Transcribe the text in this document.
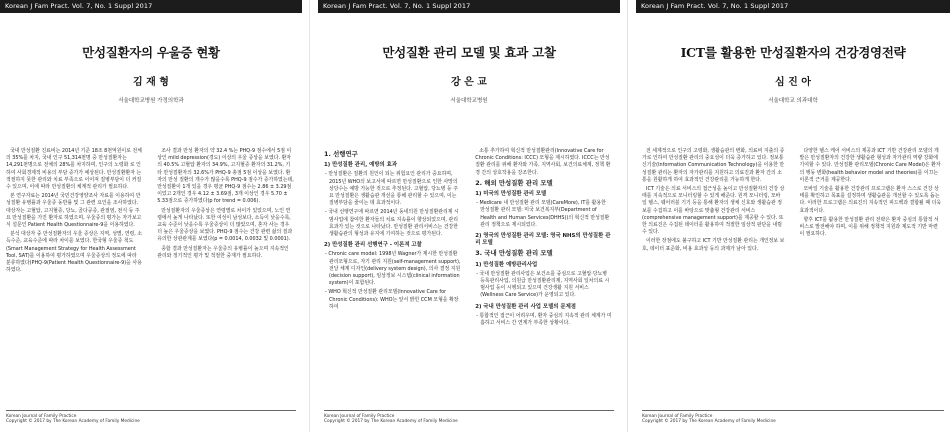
Korean J Fam Pract. Vol. 7, No. 1 Suppl 2017
만성질환자의 우울증 현황
김 재 형
서울대학교병원 가정의학과

국내 만성질환 진료비는 2014년 기준 18조 8천억원이로 전체의 35%를 차지, 국내 인구 51,314천명 중 만성질환자는 14,291천명으로 전체의 28%를 차지하며, 인구의 노령화 로 인하여 사회경제적 비용의 부담 증가가 예상된다. 만성질환환자 는 적절하지 못한 관리와 치료 부족으로 이어져 질병부담이 더 커질 수 있으며, 이에 따라 만성질환의 체계적 관리가 필요하다.

본 연구자료는 2014년 국민건강영양조사 자료를 이용하여 만성질환 유병률과 우울증 동반률 및 그 관련 요인을 조사하였다. 대상자는 고혈압, 고지혈증, 당뇨, 골다공증, 관절염, 천식 등 주요 만성질환을 가진 환자로 하였으며, 우울증의 평가는 자가보고식 설문인 Patient Health Questionnaire-9을 이용하였다.

분석 대상자 중 만성질환자의 우울 증상은 지역, 성별, 연령, 소득수준, 교육수준에 따라 차이를 보였다. 한국형 우울증 척도(Smart Management Strategy for Health Assessment Tool, SAT)를 이용하여 평가하였으며 우울증상의 정도에 따라 분류하였다(PHQ-9(Patient Health Questionnaire-9)을 사용하였다.

조사 결과 만성 환자의 약 32.4 %는 PHQ-9 점수에서 5점 이상인 mild depression(경도) 이상의 우울 증상을 보였다. 환자의 40.5% 고혈압 환자의 34.9%, 고지혈증 환자의 31.2%, 기타 만성질환자의 32.6%가 PHQ-9 총점 5점 이상을 보였다. 환자의 만성 질환의 개수가 많을수록 PHQ-9 점수가 증가하였는데, 만성질환이 1개 있을 경우 평균 PHQ-9 점수는 2.86 ± 3.29점이었고 2개인 경우 4.12 ± 3.69점, 3개 이상인 경우 5.70 ± 5.33점으로 증가하였다(p for trend = 0.006).

만성질환자의 우울증상은 연령별로 차이가 있었으며, 노인 연령에서 높게 나타났다. 또한 여성이 남성보다, 소득이 낮을수록, 교육 수준이 낮을수록 우울증상이 더 많았으며, 혼자 사는 경우 더 높은 우울증상을 보였다. PHQ-9 점수는 건강 관련 삶의 질과 유의한 상관관계를 보였다(p = 0.0014, 0.0032 및 0.0001).

종합 결과 만성질환자는 우울증의 유병률이 높으며 지속적인 관리와 정기적인 평가 및 적절한 중재가 필요하다.

Korean Journal of Family Practice
Copyright © 2017 by The Korean Academy of Family Medicine
Korean J Fam Pract. Vol. 7, No. 1 Suppl 2017
만성질환 관리 모델 및 효과 고찰
강 은 교
서울대학교병원
1. 선행연구
1) 만성질환 관리, 예방의 효과
- 만성질환은 질환의 원인이 되는 위험요인 관리가 중요하며, 2015년 WHO의 보고서에 따르면 만성질환으로 인한 사망의 상당수는 예방 가능한 것으로 추정된다. 고혈압, 당뇨병 등 주요 만성질환은 생활습관 개선을 통해 관리할 수 있으며, 이는 질병부담을 줄이는 데 효과적이다.
- 국내 선행연구에 따르면 2014년 동네의원 만성질환관리제 시범사업에 참여한 환자들의 치료 지속률이 향상되었으며, 관리 효과가 있는 것으로 나타났다. 만성질환 관리서비스는 건강한 생활습관의 형성과 유지에 기여하는 것으로 평가된다.
2) 만성질환 관리 선행연구 - 이론적 고찰
- Chronic care model: 1998년 Wagner가 제시한 만성질환관리모형으로, 자기 관리 지원(self-management support), 전달 체계 디자인(delivery system design), 의사 결정 지원(decision support), 임상정보 시스템(clinical information system)이 포함된다.
- WHO 혁신적 만성질환 관리모델(Innovative Care for Chronic Conditions): WHO는 앞서 밝힌 CCM 모형을 확장하여

소통 추가하여 혁신적 만성질환관리(Innovative Care for Chronic Conditions: ICCC) 모형을 제시하였다. ICCC는 만성질환 관리를 위해 환자와 가족, 지역사회, 보건의료체계, 정책 환경 간의 상호작용을 강조한다.

2. 해외 만성질환 관리 모델
1) 미국의 만성질환 관리 모델
- Medicare 내 만성질환 관리 모델(CareMore), IT를 활용한 만성질환 관리 모델: 미국 보건복지부(Department of Health and Human Services(DHHS))의 혁신적 만성질환 관리 정책으로 제시되었다.
2) 영국의 만성질환 관리 모델: 영국 NHS의 만성질환 관리 모델
3. 국내 만성질환 관리 모델
1) 만성질환 예방관리사업
- 국내 만성질환 관리사업은 보건소를 중심으로 고혈압·당뇨병 등록관리사업, 의원급 만성질환관리제, 지역사회 일차의료 시범사업 등이 시행되고 있으며 건강생활 지원 서비스(Wellness Care Service)가 운영되고 있다.
2) 국내 만성질환 관리 사업 모델의 문제점
- 통합적인 접근이 어려우며, 환자 중심의 지속적 관리 체계가 미흡하고 서비스 간 연계가 부족한 상황이다.
Korean Journal of Family Practice
Copyright © 2017 by The Korean Academy of Family Medicine
Korean J Fam Pract. Vol. 7, No. 1 Suppl 2017
ICT를 활용한 만성질환자의 건강경영전략
심 진 아
서울대학교 의과대학

전 세계적으로 인구의 고령화, 생활습관의 변화, 의료비 지출의 증가로 인하여 만성질환 관리의 중요성이 더욱 증가하고 있다. 정보통신기술(Information Communication Technology)을 이용한 만성질환 관리는 환자의 자가관리를 지원하고 의료진과 환자 간의 소통을 원활하게 하여 효과적인 건강관리를 가능하게 한다.

ICT 기술은 의료 서비스의 접근성을 높이고 만성질환자의 건강 상태를 지속적으로 모니터링할 수 있게 해준다. 원격 모니터링, 모바일 헬스, 웨어러블 기기 등을 통해 환자의 생체 신호와 생활습관 정보를 수집하고 이를 바탕으로 맞춤형 건강관리 서비스(comprehensive management support)를 제공할 수 있다. 또한 의료진은 수집된 데이터를 활용하여 적절한 임상적 판단을 내릴 수 있다.

이러한 장점에도 불구하고 ICT 기반 만성질환 관리는 개인정보 보호, 데이터 표준화, 비용 효과성 등의 과제가 남아 있다.

다양한 헬스 케어 서비스의 제공과 ICT 기반 건강관리 모델의 개발은 만성질환자의 건강한 생활습관 형성과 자가관리 역량 강화에 기여할 수 있다. 만성질환 관리모델(Chronic Care Model)은 환자의 행동 변화(health behavior model and theories)를 이끄는 이론적 근거를 제공한다.

모바일 기술을 활용한 건강관리 프로그램은 환자 스스로 건강 상태를 확인하고 목표를 설정하며 생활습관을 개선할 수 있도록 돕는다. 이러한 프로그램은 의료진의 지속적인 피드백과 결합될 때 더욱 효과적이다.

향후 ICT를 활용한 만성질환 관리 전략은 환자 중심의 통합적 서비스로 발전해야 하며, 이를 위해 정책적 지원과 제도적 기반 마련이 필요하다.

Korean Journal of Family Practice
Copyright © 2017 by The Korean Academy of Family Medicine
